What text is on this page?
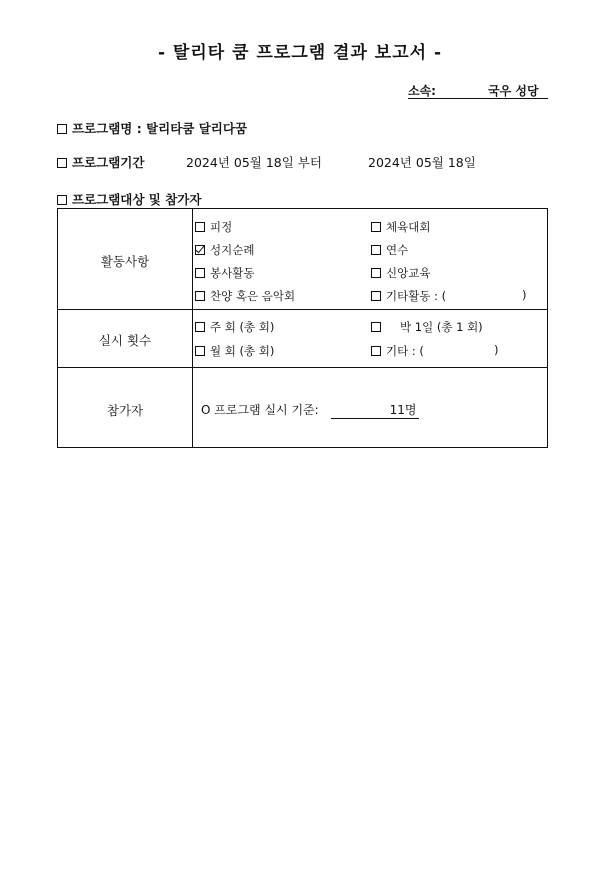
- 탈리타 쿰 프로그램 결과 보고서 -
소속:	국우 성당
프로그램명 : 탈리타쿰 달리다꿈
프로그램기간	2024년 05월 18일 부터	2024년 05월 18일
프로그램대상 및 참가자
활동사항
피정	체육대회
성지순례	연수
봉사활동	신앙교육
찬양 혹은 음악회	기타활동 : (	)
실시 횟수
주 회 (총 회)	박 1일 (총 1 회)
월 회 (총 회)	기타 : (	)
참가자	O 프로그램 실시 기준:	11명
